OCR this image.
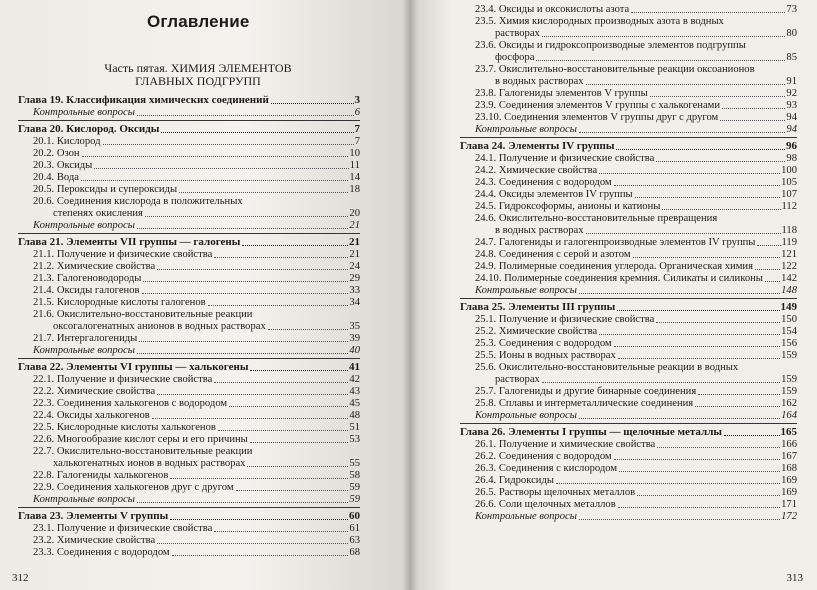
Оглавление
Часть пятая. ХИМИЯ ЭЛЕМЕНТОВ
ГЛАВНЫХ ПОДГРУПП
Глава 19. Классификация химических соединений	3
Контрольные вопросы	6
Глава 20. Кислород. Оксиды	7
20.1. Кислород	7
20.2. Озон	10
20.3. Оксиды	11
20.4. Вода	14
20.5. Пероксиды и супероксиды	18
20.6. Соединения кислорода в положительных
степенях окисления	20
Контрольные вопросы	21
Глава 21. Элементы VII группы — галогены	21
21.1. Получение и физические свойства	21
21.2. Химические свойства	24
21.3. Галогеноводороды	29
21.4. Оксиды галогенов	33
21.5. Кислородные кислоты галогенов	34
21.6. Окислительно-восстановительные реакции
оксогалогенатных анионов в водных растворах	35
21.7. Интергалогениды	39
Контрольные вопросы	40
Глава 22. Элементы VI группы — халькогены	41
22.1. Получение и физические свойства	42
22.2. Химические свойства	43
22.3. Соединения халькогенов с водородом	45
22.4. Оксиды халькогенов	48
22.5. Кислородные кислоты халькогенов	51
22.6. Многообразие кислот серы и его причины	53
22.7. Окислительно-восстановительные реакции
халькогенатных ионов в водных растворах	55
22.8. Галогениды халькогенов	58
22.9. Соединения халькогенов друг с другом	59
Контрольные вопросы	59
Глава 23. Элементы V группы	60
23.1. Получение и физические свойства	61
23.2. Химические свойства	63
23.3. Соединения с водородом	68
312
23.4. Оксиды и оксокислоты азота	73
23.5. Химия кислородных производных азота в водных
растворах	80
23.6. Оксиды и гидроксопроизводные элементов подгруппы
фосфора	85
23.7. Окислительно-восстановительные реакции оксоанионов
в водных растворах	91
23.8. Галогениды элементов V группы	92
23.9. Соединения элементов V группы с халькогенами	93
23.10. Соединения элементов V группы друг с другом	94
Контрольные вопросы	94
Глава 24. Элементы IV группы	96
24.1. Получение и физические свойства	98
24.2. Химические свойства	100
24.3. Соединения с водородом	105
24.4. Оксиды элементов IV группы	107
24.5. Гидроксоформы, анионы и катионы	112
24.6. Окислительно-восстановительные превращения
в водных растворах	118
24.7. Галогениды и галогенпроизводные элементов IV группы 119
24.8. Соединения с серой и азотом	121
24.9. Полимерные соединения углерода. Органическая химия	122
24.10. Полимерные соединения кремния. Силикаты и силиконы 142
Контрольные вопросы	148
Глава 25. Элементы III группы	149
25.1. Получение и физические свойства	150
25.2. Химические свойства	154
25.3. Соединения с водородом	156
25.5. Ионы в водных растворах	159
25.6. Окислительно-восстановительные реакции в водных
растворах	159
25.7. Галогениды и другие бинарные соединения	159
25.8. Сплавы и интерметаллические соединения	162
Контрольные вопросы	164
Глава 26. Элементы I группы — щелочные металлы	165
26.1. Получение и химические свойства	166
26.2. Соединения с водородом	167
26.3. Соединения с кислородом	168
26.4. Гидроксиды	169
26.5. Растворы щелочных металлов	169
26.6. Соли щелочных металлов	171
Контрольные вопросы	172
313
